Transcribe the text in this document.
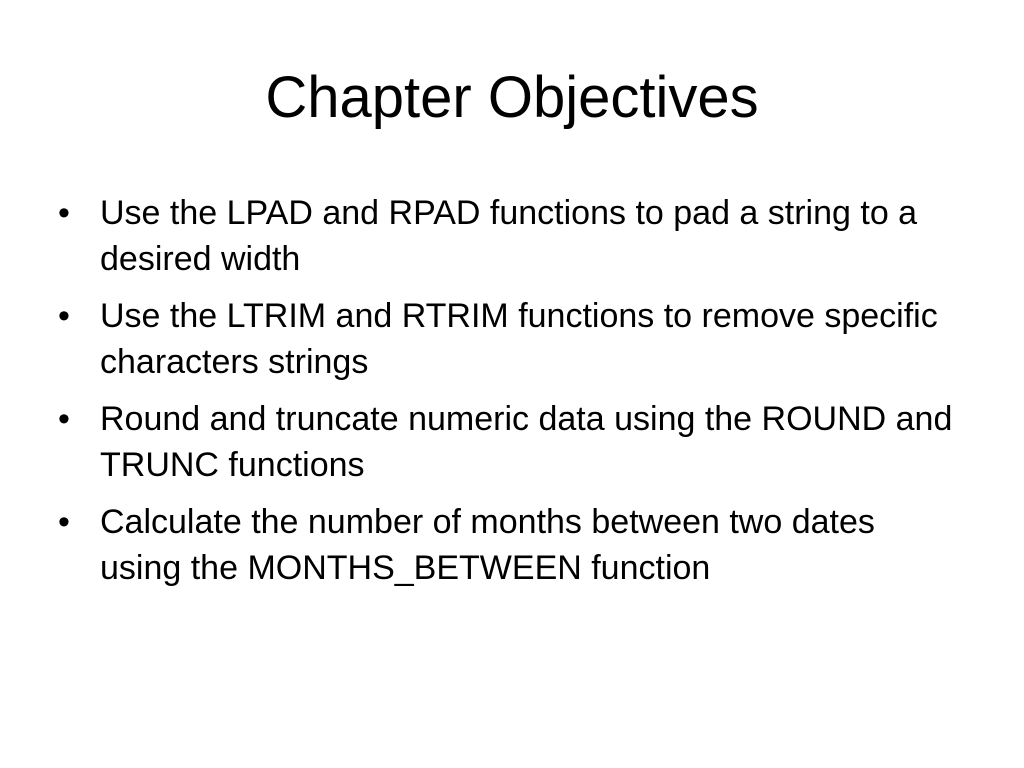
Chapter Objectives
• Use the LPAD and RPAD functions to pad a string to a desired width
• Use the LTRIM and RTRIM functions to remove specific characters strings
• Round and truncate numeric data using the ROUND and TRUNC functions
• Calculate the number of months between two dates using the MONTHS_BETWEEN function
